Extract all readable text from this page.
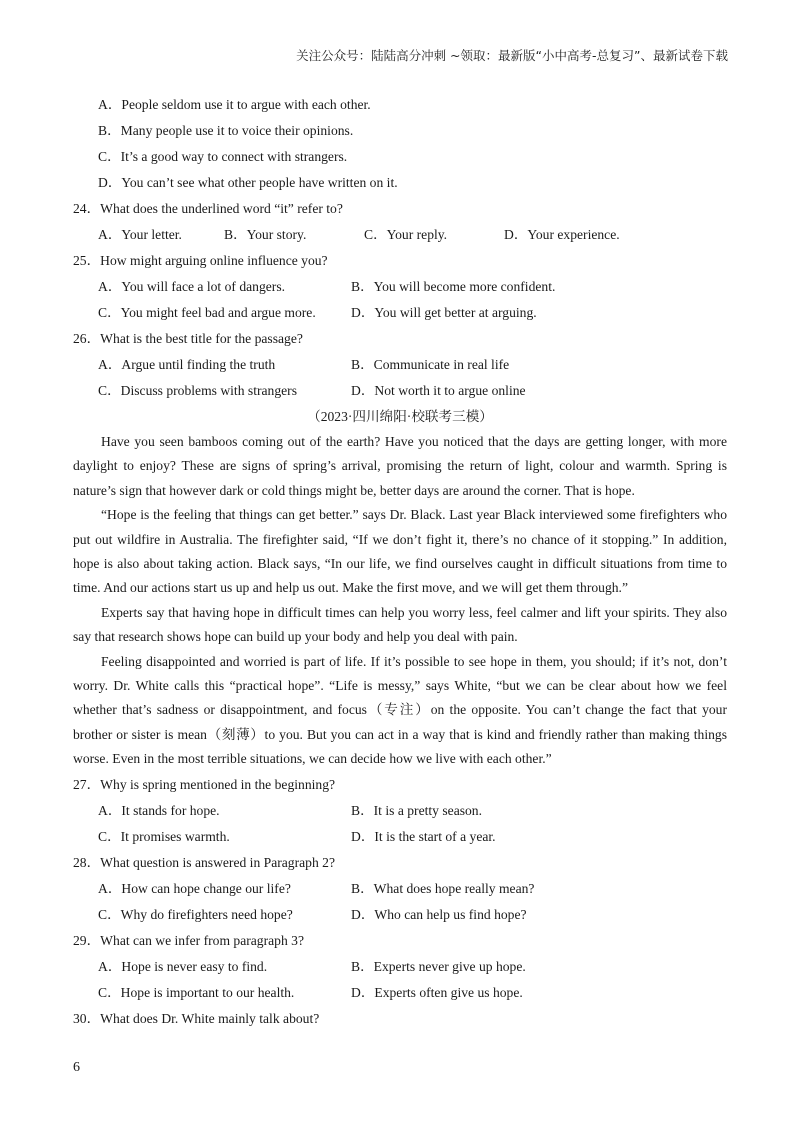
关注公众号：陆陆高分冲刺 ~领取：最新版“小中高考-总复习”、最新试卷下载
A．People seldom use it to argue with each other.
B．Many people use it to voice their opinions.
C．It’s a good way to connect with strangers.
D．You can’t see what other people have written on it.
24．What does the underlined word “it” refer to?
A．Your letter.	B．Your story.	C．Your reply.	D．Your experience.
25．How might arguing online influence you?
A．You will face a lot of dangers.	B．You will become more confident.
C．You might feel bad and argue more.	D．You will get better at arguing.
26．What is the best title for the passage?
A．Argue until finding the truth	B．Communicate in real life
C．Discuss problems with strangers	D．Not worth it to argue online
（2023·四川绵阳·校联考三模）

Have you seen bamboos coming out of the earth? Have you noticed that the days are getting longer, with more daylight to enjoy? These are signs of spring’s arrival, promising the return of light, colour and warmth. Spring is nature’s sign that however dark or cold things might be, better days are around the corner. That is hope.

“Hope is the feeling that things can get better.” says Dr. Black. Last year Black interviewed some firefighters who put out wildfire in Australia. The firefighter said, “If we don’t fight it, there’s no chance of it stopping.” In addition, hope is also about taking action. Black says, “In our life, we find ourselves caught in difficult situations from time to time. And our actions start us up and help us out. Make the first move, and we will get them through.”

Experts say that having hope in difficult times can help you worry less, feel calmer and lift your spirits. They also say that research shows hope can build up your body and help you deal with pain.

Feeling disappointed and worried is part of life. If it’s possible to see hope in them, you should; if it’s not, don’t worry. Dr. White calls this “practical hope”. “Life is messy,” says White, “but we can be clear about how we feel whether that’s sadness or disappointment, and focus（专注）on the opposite. You can’t change the fact that your brother or sister is mean（刻薄）to you. But you can act in a way that is kind and friendly rather than making things worse. Even in the most terrible situations, we can decide how we live with each other.”

27．Why is spring mentioned in the beginning?
A．It stands for hope.	B．It is a pretty season.
C．It promises warmth.	D．It is the start of a year.
28．What question is answered in Paragraph 2?
A．How can hope change our life?	B．What does hope really mean?
C．Why do firefighters need hope?	D．Who can help us find hope?
29．What can we infer from paragraph 3?
A．Hope is never easy to find.	B．Experts never give up hope.
C．Hope is important to our health.	D．Experts often give us hope.
30．What does Dr. White mainly talk about?
6
